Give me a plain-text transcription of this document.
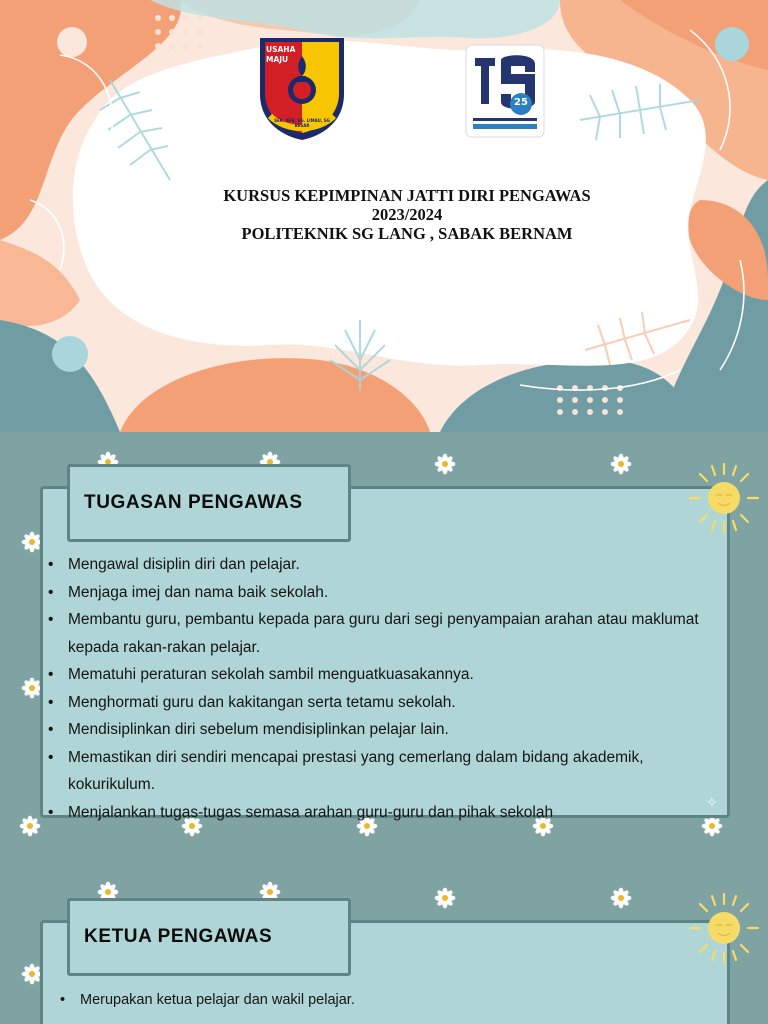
USAHA MAJU
SEK. KEB. SG. LIMAU, SG BESAR
25
KURSUS KEPIMPINAN JATTI DIRI PENGAWAS
2023/2024
POLITEKNIK SG LANG , SABAK BERNAM
TUGASAN PENGAWAS
• Mengawal disiplin diri dan pelajar.
• Menjaga imej dan nama baik sekolah.
• Membantu guru, pembantu kepada para guru dari segi penyampaian arahan atau maklumat kepada rakan-rakan pelajar.
• Mematuhi peraturan sekolah sambil menguatkuasakannya.
• Menghormati guru dan kakitangan serta tetamu sekolah.
• Mendisiplinkan diri sebelum mendisiplinkan pelajar lain.
• Memastikan diri sendiri mencapai prestasi yang cemerlang dalam bidang akademik, kokurikulum.
• Menjalankan tugas-tugas semasa arahan guru-guru dan pihak sekolah
✧
KETUA PENGAWAS
• Merupakan ketua pelajar dan wakil pelajar.
